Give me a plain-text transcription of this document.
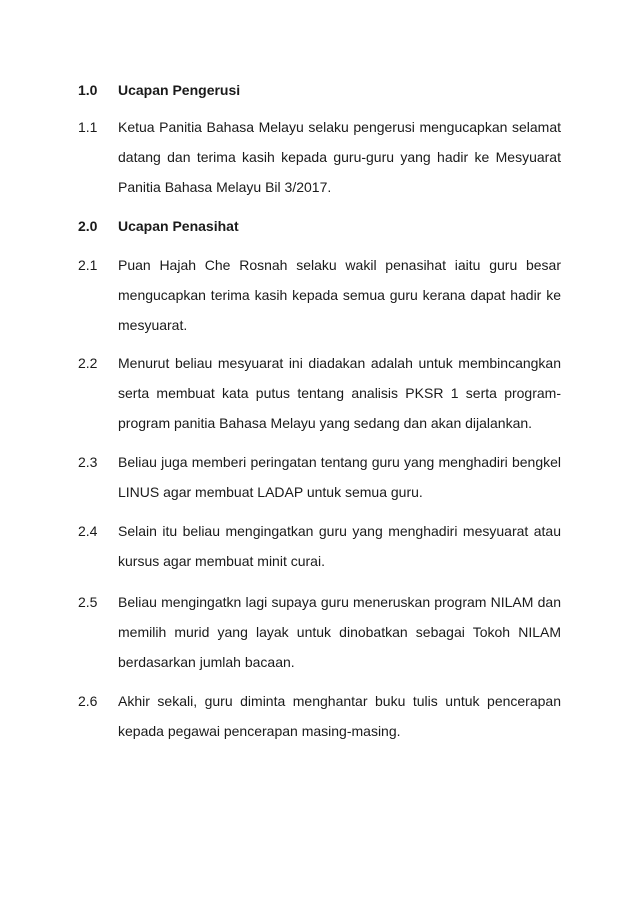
1.0 Ucapan Pengerusi
1.1 Ketua Panitia Bahasa Melayu selaku pengerusi mengucapkan selamat datang dan terima kasih kepada guru-guru yang hadir ke Mesyuarat Panitia Bahasa Melayu Bil 3/2017.
2.0 Ucapan Penasihat
2.1 Puan Hajah Che Rosnah selaku wakil penasihat iaitu guru besar mengucapkan terima kasih kepada semua guru kerana dapat hadir ke mesyuarat.
2.2 Menurut beliau mesyuarat ini diadakan adalah untuk membincangkan serta membuat kata putus tentang analisis PKSR 1 serta program-program panitia Bahasa Melayu yang sedang dan akan dijalankan.
2.3 Beliau juga memberi peringatan tentang guru yang menghadiri bengkel LINUS agar membuat LADAP untuk semua guru.
2.4 Selain itu beliau mengingatkan guru yang menghadiri mesyuarat atau kursus agar membuat minit curai.
2.5 Beliau mengingatkn lagi supaya guru meneruskan program NILAM dan memilih murid yang layak untuk dinobatkan sebagai Tokoh NILAM berdasarkan jumlah bacaan.
2.6 Akhir sekali, guru diminta menghantar buku tulis untuk pencerapan kepada pegawai pencerapan masing-masing.
